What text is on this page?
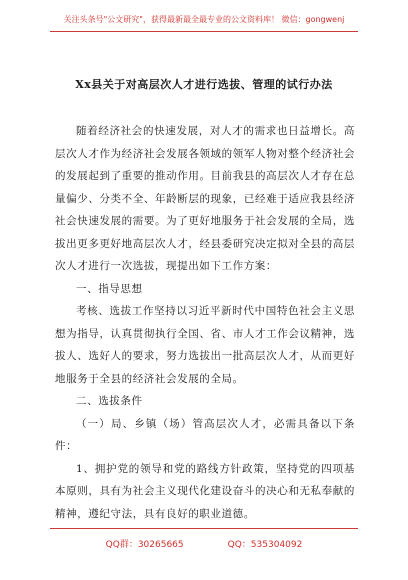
关注头条号"公文研究"，获得最新最全最专业的公文资料库！ 微信：gongwenj
Xx县关于对高层次人才进行选拔、管理的试行办法

随着经济社会的快速发展，对人才的需求也日益增长。高层次人才作为经济社会发展各领域的领军人物对整个经济社会的发展起到了重要的推动作用。目前我县的高层次人才存在总量偏少、分类不全、年龄断层的现象，已经难于适应我县经济社会快速发展的需要。为了更好地服务于社会发展的全局，选拔出更多更好地高层次人才，经县委研究决定拟对全县的高层次人才进行一次选拔，现提出如下工作方案：

一、指导思想

考核、选拔工作坚持以习近平新时代中国特色社会主义思想为指导，认真贯彻执行全国、省、市人才工作会议精神，选拔人、选好人的要求，努力选拔出一批高层次人才，从而更好地服务于全县的经济社会发展的全局。

二、选拔条件

（一）局、乡镇（场）管高层次人才，必需具备以下条件：

1、拥护党的领导和党的路线方针政策，坚持党的四项基本原则，具有为社会主义现代化建设奋斗的决心和无私奉献的精神，遵纪守法，具有良好的职业道德。

QQ群：30265665	QQ：535304092
